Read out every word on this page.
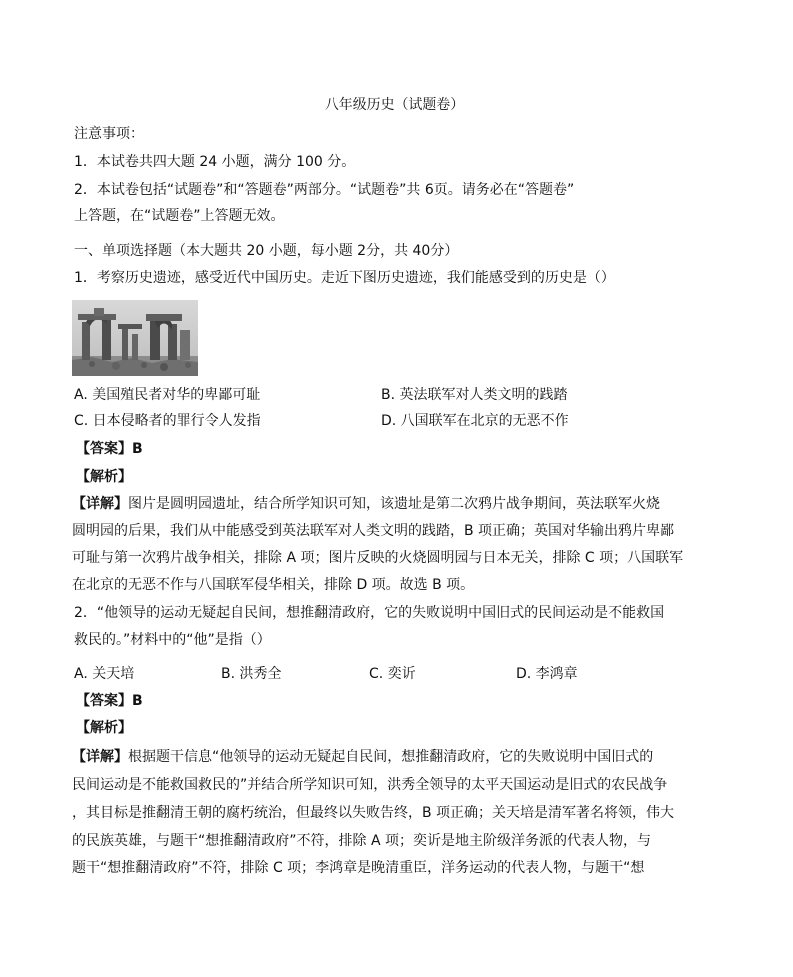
八年级历史（试题卷）
注意事项：
1．本试卷共四大题 24 小题，满分 100 分。
2．本试卷包括“试题卷”和“答题卷”两部分。“试题卷”共 6页。请务必在“答题卷”
上答题，在“试题卷”上答题无效。
一、单项选择题（本大题共 20 小题，每小题 2分，共 40分）
1．考察历史遗迹，感受近代中国历史。走近下图历史遗迹，我们能感受到的历史是（）
A. 美国殖民者对华的卑鄙可耻	B. 英法联军对人类文明的践踏
C. 日本侵略者的罪行令人发指	D. 八国联军在北京的无恶不作
【答案】B
【解析】
【详解】图片是圆明园遗址，结合所学知识可知，该遗址是第二次鸦片战争期间，英法联军火烧
圆明园的后果，我们从中能感受到英法联军对人类文明的践踏，B 项正确；英国对华输出鸦片卑鄙
可耻与第一次鸦片战争相关，排除 A 项；图片反映的火烧圆明园与日本无关，排除 C 项；八国联军
在北京的无恶不作与八国联军侵华相关，排除 D 项。故选 B 项。
2．“他领导的运动无疑起自民间，想推翻清政府，它的失败说明中国旧式的民间运动是不能救国
救民的。”材料中的“他”是指（）
A. 关天培	B. 洪秀全	C. 奕䜣	D. 李鸿章
【答案】B
【解析】
【详解】根据题干信息“他领导的运动无疑起自民间，想推翻清政府，它的失败说明中国旧式的
民间运动是不能救国救民的”并结合所学知识可知，洪秀全领导的太平天国运动是旧式的农民战争
，其目标是推翻清王朝的腐朽统治，但最终以失败告终，B 项正确；关天培是清军著名将领，伟大
的民族英雄，与题干“想推翻清政府”不符，排除 A 项；奕䜣是地主阶级洋务派的代表人物，与
题干“想推翻清政府”不符，排除 C 项；李鸿章是晚清重臣，洋务运动的代表人物，与题干“想
